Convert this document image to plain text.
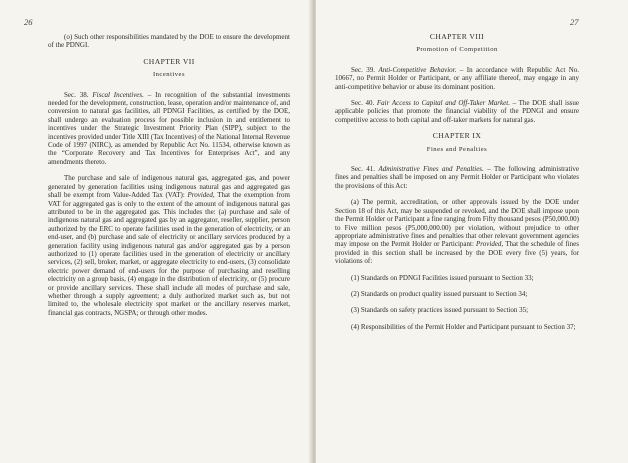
26

(o) Such other responsibilities mandated by the DOE to ensure the development of the PDNGI.

CHAPTER VII
Incentives

Sec. 38. Fiscal Incentives. – In recognition of the substantial investments needed for the development, construction, lease, operation and/or maintenance of, and conversion to natural gas facilities, all PDNGI Facilities, as certified by the DOE, shall undergo an evaluation process for possible inclusion in and entitlement to incentives under the Strategic Investment Priority Plan (SIPP), subject to the incentives provided under Title XIII (Tax Incentives) of the National Internal Revenue Code of 1997 (NIRC), as amended by Republic Act No. 11534, otherwise known as the “Corporate Recovery and Tax Incentives for Enterprises Act”, and any amendments thereto.

The purchase and sale of indigenous natural gas, aggregated gas, and power generated by generation facilities using indigenous natural gas and aggregated gas shall be exempt from Value-Added Tax (VAT): Provided, That the exemption from VAT for aggregated gas is only to the extent of the amount of indigenous natural gas attributed to be in the aggregated gas. This includes the: (a) purchase and sale of indigenous natural gas and aggregated gas by an aggregator, reseller, supplier, person authorized by the ERC to operate facilities used in the generation of electricity, or an end-user, and (b) purchase and sale of electricity or ancillary services produced by a generation facility using indigenous natural gas and/or aggregated gas by a person authorized to (1) operate facilities used in the generation of electricity or ancillary services, (2) sell, broker, market, or aggregate electricity to end-users, (3) consolidate electric power demand of end-users for the purpose of purchasing and reselling electricity on a group basis, (4) engage in the distribution of electricity, or (5) procure or provide ancillary services. These shall include all modes of purchase and sale, whether through a supply agreement; a duly authorized market such as, but not limited to, the wholesale electricity spot market or the ancillary reserves market, financial gas contracts, NGSPA; or through other modes.

27
CHAPTER VIII
Promotion of Competition

Sec. 39. Anti-Competitive Behavior. – In accordance with Republic Act No. 10667, no Permit Holder or Participant, or any affiliate thereof, may engage in any anti-competitive behavior or abuse its dominant position.

Sec. 40. Fair Access to Capital and Off-Taker Market. – The DOE shall issue applicable policies that promote the financial viability of the PDNGI and ensure competitive access to both capital and off-taker markets for natural gas.

CHAPTER IX
Fines and Penalties

Sec. 41. Administrative Fines and Penalties. – The following administrative fines and penalties shall be imposed on any Permit Holder or Participant who violates the provisions of this Act:

(a) The permit, accreditation, or other approvals issued by the DOE under Section 18 of this Act, may be suspended or revoked, and the DOE shall impose upon the Permit Holder or Participant a fine ranging from Fifty thousand pesos (P50,000.00) to Five million pesos (P5,000,000.00) per violation, without prejudice to other appropriate administrative fines and penalties that other relevant government agencies may impose on the Permit Holder or Participant: Provided, That the schedule of fines provided in this section shall be increased by the DOE every five (5) years, for violations of:

(1) Standards on PDNGI Facilities issued pursuant to Section 33;

(2) Standards on product quality issued pursuant to Section 34;

(3) Standards on safety practices issued pursuant to Section 35;

(4) Responsibilities of the Permit Holder and Participant pursuant to Section 37;
